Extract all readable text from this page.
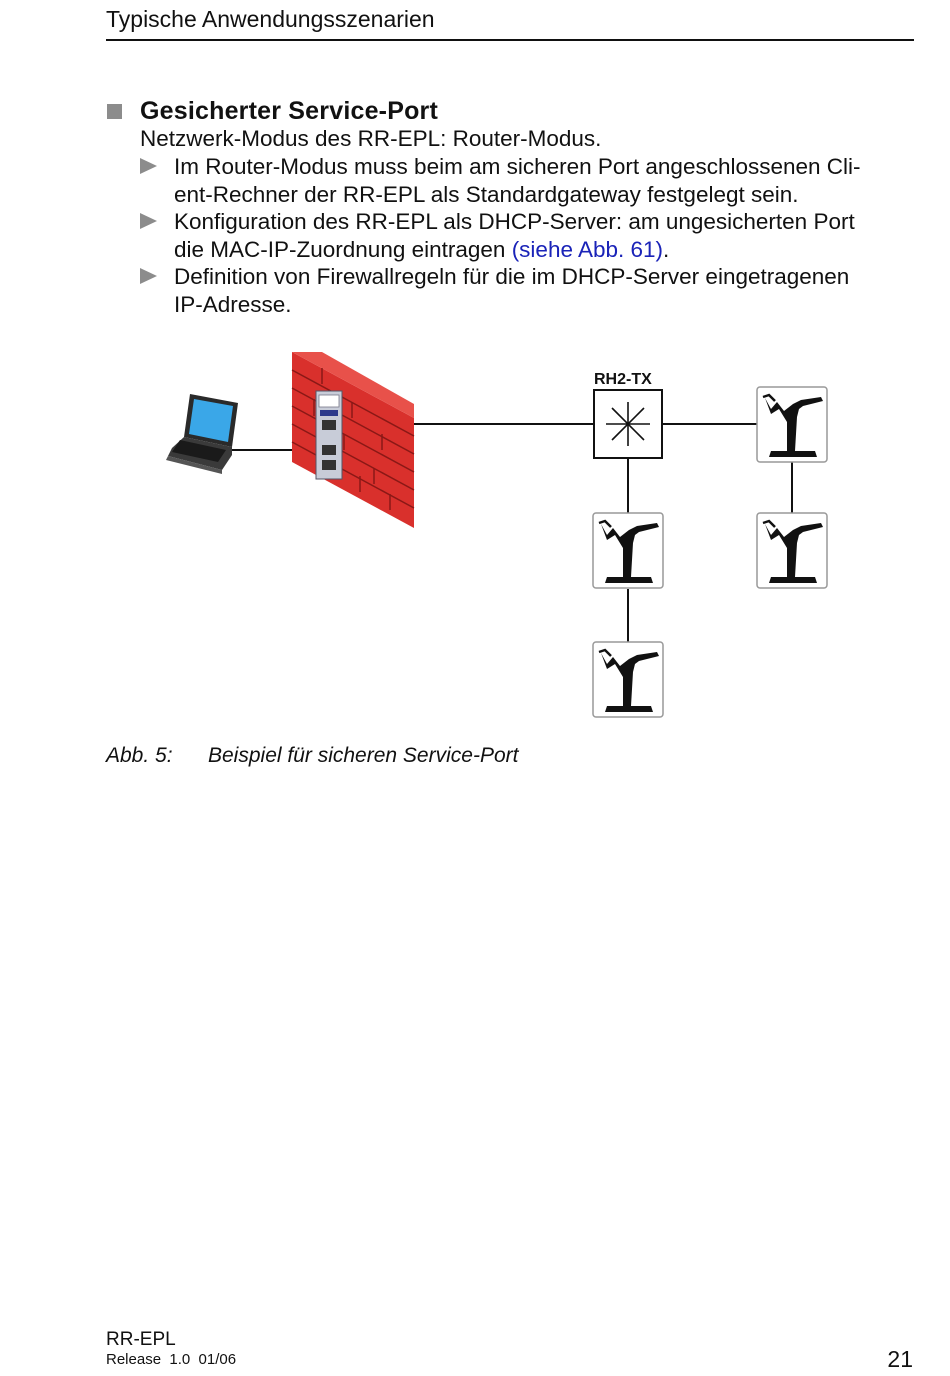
Typische Anwendungsszenarien
Gesicherter Service-Port
Netzwerk-Modus des RR-EPL: Router-Modus.
Im Router-Modus muss beim am sicheren Port angeschlossenen Cli-
ent-Rechner der RR-EPL als Standardgateway festgelegt sein.
Konfiguration des RR-EPL als DHCP-Server: am ungesicherten Port
die MAC-IP-Zuordnung eintragen (siehe Abb. 61).
Definition von Firewallregeln für die im DHCP-Server eingetragenen
IP-Adresse.
RH2-TX
Abb. 5: Beispiel für sicheren Service-Port
RR-EPL
Release  1.0  01/06	21
